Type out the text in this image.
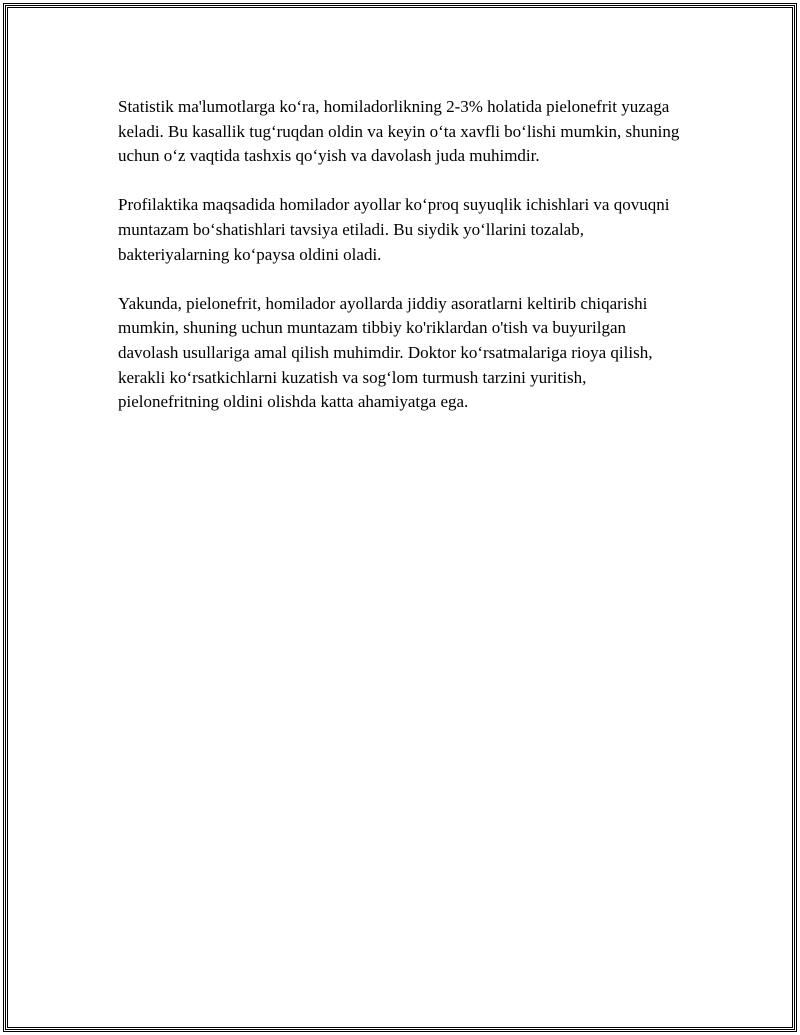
Statistik ma'lumotlarga ko‘ra, homiladorlikning 2-3% holatida pielonefrit yuzaga keladi. Bu kasallik tug‘ruqdan oldin va keyin o‘ta xavfli bo‘lishi mumkin, shuning uchun o‘z vaqtida tashxis qo‘yish va davolash juda muhimdir.

Profilaktika maqsadida homilador ayollar ko‘proq suyuqlik ichishlari va qovuqni muntazam bo‘shatishlari tavsiya etiladi. Bu siydik yo‘llarini tozalab, bakteriyalarning ko‘paysa oldini oladi.

Yakunda, pielonefrit, homilador ayollarda jiddiy asoratlarni keltirib chiqarishi mumkin, shuning uchun muntazam tibbiy ko'riklardan o'tish va buyurilgan davolash usullariga amal qilish muhimdir. Doktor ko‘rsatmalariga rioya qilish, kerakli ko‘rsatkichlarni kuzatish va sog‘lom turmush tarzini yuritish, pielonefritning oldini olishda katta ahamiyatga ega.
